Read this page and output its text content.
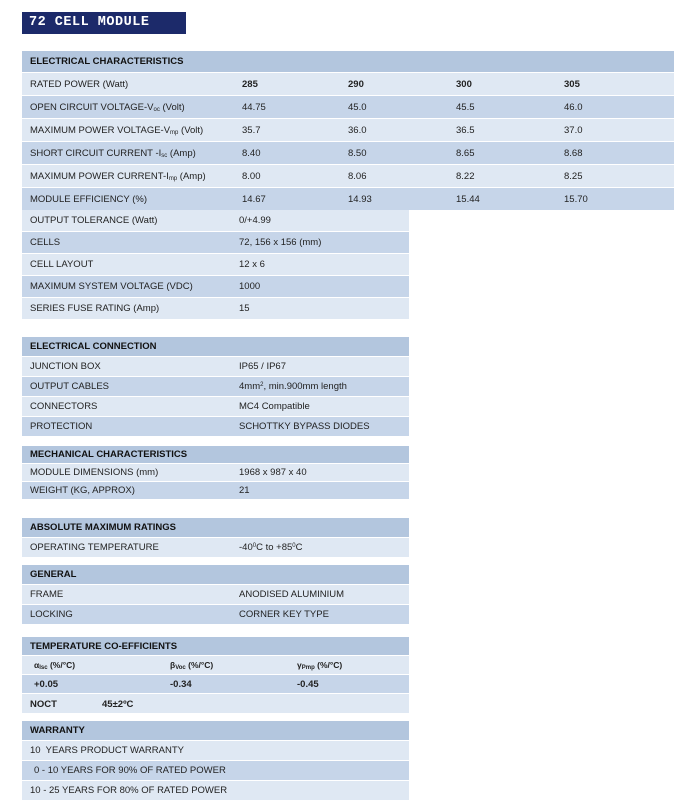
72 CELL MODULE
ELECTRICAL CHARACTERISTICS
RATED POWER (Watt)	285	290	300	305
OPEN CIRCUIT VOLTAGE-$V_{oc}$ (Volt)	44.75	45.0	45.5	46.0
MAXIMUM POWER VOLTAGE-$V_{mp}$ (Volt)	35.7	36.0	36.5	37.0
SHORT CIRCUIT CURRENT $-I_{sc}$ (Amp)	8.40	8.50	8.65	8.68
MAXIMUM POWER CURRENT-$I_{mp}$ (Amp)	8.00	8.06	8.22	8.25
MODULE EFFICIENCY (%)	14.67	14.93	15.44	15.70
OUTPUT TOLERANCE (Watt)	0/+4.99
CELLS	72, 156 x 156 (mm)
CELL LAYOUT	12 x 6
MAXIMUM SYSTEM VOLTAGE (VDC)	1000
SERIES FUSE RATING (Amp)	15
ELECTRICAL CONNECTION
JUNCTION BOX	IP65 / IP67
OUTPUT CABLES	$4mm^2$, min.900mm length
CONNECTORS	MC4 Compatible
PROTECTION	SCHOTTKY BYPASS DIODES
MECHANICAL CHARACTERISTICS
MODULE DIMENSIONS (mm)	1968 x 987 x 40
WEIGHT (KG, APPROX)	21
ABSOLUTE MAXIMUM RATINGS
OPERATING TEMPERATURE	$-40^0C$ to $+85^0C$
GENERAL
FRAME	ANODISED ALUMINIUM
LOCKING	CORNER KEY TYPE
TEMPERATURE CO-EFFICIENTS
$\alpha_{Isc}$ (%/°C)	$\beta_{Voc}$ (%/°C)	$\gamma_{Pmp}$ (%/°C)
+0.05	-0.34	-0.45
NOCT	45±2ºC
WARRANTY
10  YEARS PRODUCT WARRANTY
0 - 10 YEARS FOR 90% OF RATED POWER
10 - 25 YEARS FOR 80% OF RATED POWER
